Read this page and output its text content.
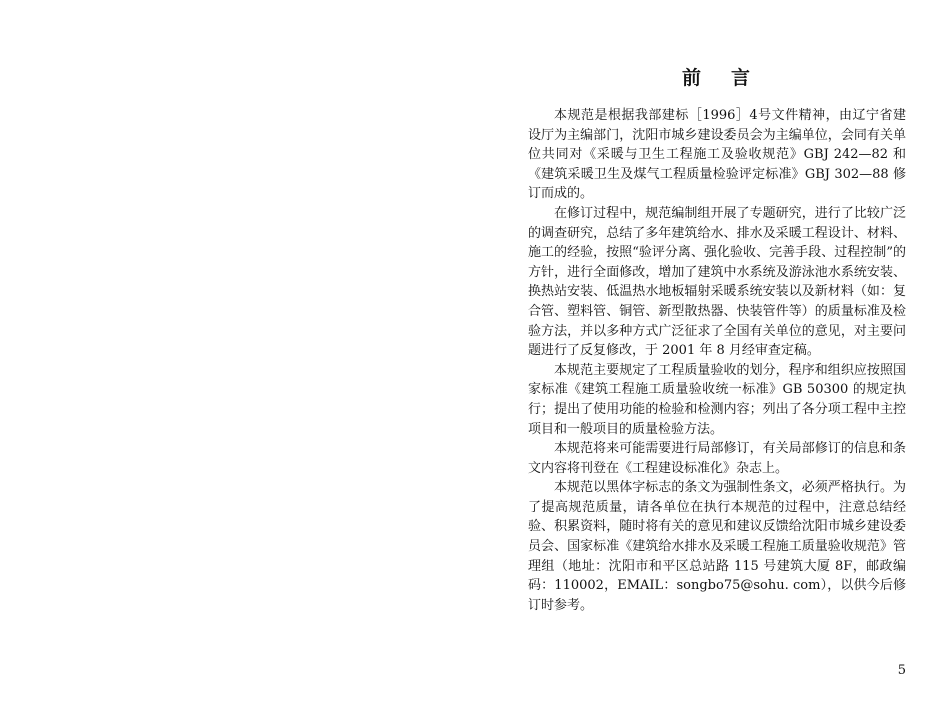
前 言

本规范是根据我部建标［1996］4号文件精神，由辽宁省建设厅为主编部门，沈阳市城乡建设委员会为主编单位，会同有关单位共同对《采暖与卫生工程施工及验收规范》GBJ 242—82 和《建筑采暖卫生及煤气工程质量检验评定标准》GBJ 302—88 修订而成的。

在修订过程中，规范编制组开展了专题研究，进行了比较广泛的调查研究，总结了多年建筑给水、排水及采暖工程设计、材料、施工的经验，按照“验评分离、强化验收、完善手段、过程控制”的方针，进行全面修改，增加了建筑中水系统及游泳池水系统安装、换热站安装、低温热水地板辐射采暖系统安装以及新材料（如：复合管、塑料管、铜管、新型散热器、快装管件等）的质量标准及检验方法，并以多种方式广泛征求了全国有关单位的意见，对主要问题进行了反复修改，于 2001 年 8 月经审查定稿。

本规范主要规定了工程质量验收的划分，程序和组织应按照国家标准《建筑工程施工质量验收统一标准》GB 50300 的规定执行；提出了使用功能的检验和检测内容；列出了各分项工程中主控项目和一般项目的质量检验方法。

本规范将来可能需要进行局部修订，有关局部修订的信息和条文内容将刊登在《工程建设标准化》杂志上。

本规范以黑体字标志的条文为强制性条文，必须严格执行。为了提高规范质量，请各单位在执行本规范的过程中，注意总结经验、积累资料，随时将有关的意见和建议反馈给沈阳市城乡建设委员会、国家标准《建筑给水排水及采暖工程施工质量验收规范》管理组（地址：沈阳市和平区总站路 115 号建筑大厦 8F，邮政编码：110002，EMAIL：songbo75@sohu. com），以供今后修订时参考。

5
